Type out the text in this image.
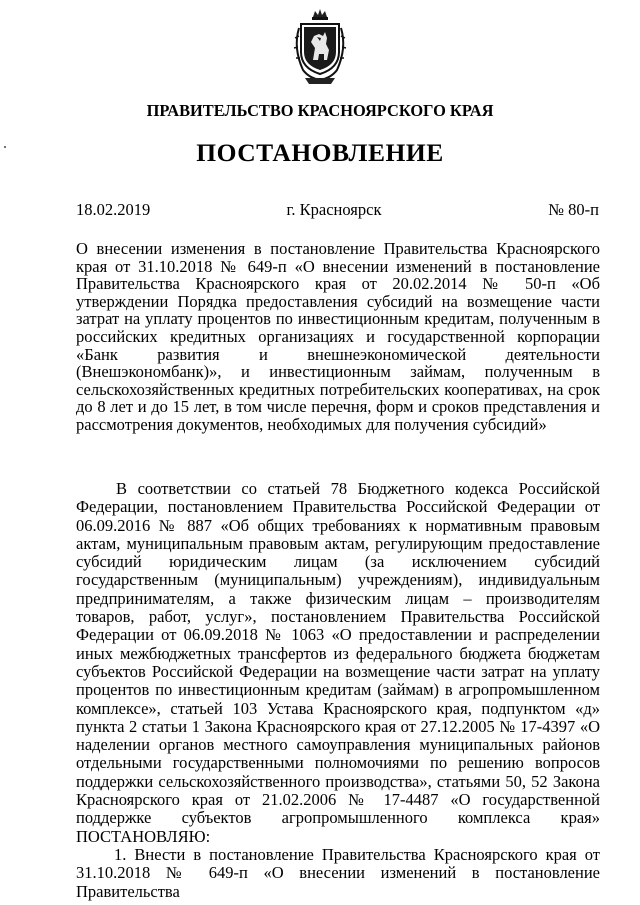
ПРАВИТЕЛЬСТВО КРАСНОЯРСКОГО КРАЯ
ПОСТАНОВЛЕНИЕ
18.02.2019	г. Красноярск	№ 80-п
О внесении изменения в постановление Правительства Красноярского края от 31.10.2018 № 649-п «О внесении изменений в постановление Правительства Красноярского края от 20.02.2014 № 50-п «Об утверждении Порядка предоставления субсидий на возмещение части затрат на уплату процентов по инвестиционным кредитам, полученным в российских кредитных организациях и государственной корпорации «Банк развития и внешнеэкономической деятельности (Внешэкономбанк)», и инвестиционным займам, полученным в сельскохозяйственных кредитных потребительских кооперативах, на срок до 8 лет и до 15 лет, в том числе перечня, форм и сроков представления и рассмотрения документов, необходимых для получения субсидий»

В соответствии со статьей 78 Бюджетного кодекса Российской Федерации, постановлением Правительства Российской Федерации от 06.09.2016 № 887 «Об общих требованиях к нормативным правовым актам, муниципальным правовым актам, регулирующим предоставление субсидий юридическим лицам (за исключением субсидий государственным (муниципальным) учреждениям), индивидуальным предпринимателям, а также физическим лицам – производителям товаров, работ, услуг», постановлением Правительства Российской Федерации от 06.09.2018 № 1063 «О предоставлении и распределении иных межбюджетных трансфертов из федерального бюджета бюджетам субъектов Российской Федерации на возмещение части затрат на уплату процентов по инвестиционным кредитам (займам) в агропромышленном комплексе», статьей 103 Устава Красноярского края, подпунктом «д» пункта 2 статьи 1 Закона Красноярского края от 27.12.2005 № 17-4397 «О наделении органов местного самоуправления муниципальных районов отдельными государственными полномочиями по решению вопросов поддержки сельскохозяйственного производства», статьями 50, 52 Закона Красноярского края от 21.02.2006 № 17-4487 «О государственной поддержке субъектов агропромышленного комплекса края» ПОСТАНОВЛЯЮ:

1. Внести в постановление Правительства Красноярского края от 31.10.2018 № 649-п «О внесении изменений в постановление Правительства
